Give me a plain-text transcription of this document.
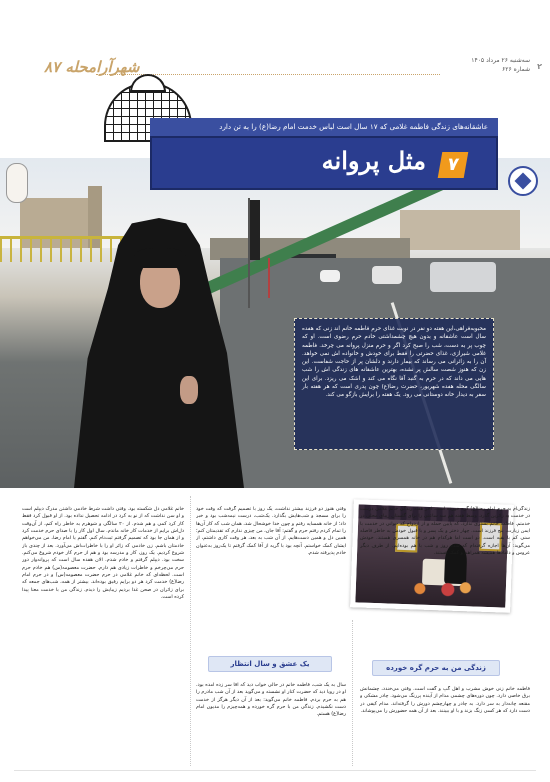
شهرآرامحله ۸۷	سه‌شنبه ۲۶ مرداد ۱۴۰۵
شماره ۶۲۶ ۲
عاشقانه‌های زندگی فاطمه غلامی که ۱۷ سال است لباس خدمت امام رضا(ع) را به تن دارد
مثل پروانه	۷
محبوبه‌فراهی،این هفته دو نفر در نوبت غذای حرم فاطمه خانم اند زنی که هفده سال است عاشقانه و بدون هیچ چشمداشتی خادم حرم رضوی است. او که چوب پر به دست، شب را صبح کرد اگر و حرم منزل پروانه می چرخد. فاطمه غلامی شیرازی، غذای حضرتی را فقط برای خودش و خانواده اش نمی خواهد. آن را به زائرانی می رساند که بیمار دارند و دلشان پر از حاجت شفاست. این زن که هنوز شصت سالش پر نشده، بهترین عاشقانه های زندگی اش را شب هایی می داند که در حرم به گنبد آقا نگاه می کند و اشک می ریزد. برای این سالگی محله هفده شهریور، حضرت رضا(ع) چون پدری است که هر هفته بار سفر به دیدار خانه دوستانی می رود. یک هفته را برایش بازگو می کند.
زندگی‌ام به حرم امام رضا(ع) گره خورده است. آخر هفته زندگی خانم غلامی درست در خدمت به زائرین گذرد. وسط هفته هم سه ساعتی را برای گلستان زیبای محلی در خدمتم. فاطمه خانم بستری ندارد. که پایین حمله و از ازدواج که جوانی در خدمت با ایمن زیارت. پنج فرزند است. چهار دختر و یک پسر و با قبول خودش به خاطر فاصله سنی کم با بقیه است. دو است اما هرکدام هم در خانه همسری هستند. خودش می‌گوید: آن‌ها اجازه گرفته‌ام که شده روز و شب با هم بوده‌ایم. از طرف دیگر عروس و دامادها همیشه همراهم و کمک هستند.
وقتی هنوز دو فرزند بیشتر نداشت، یک روز با تصمیم گرفت که وقت خود را برای مسجد و شب‌هایش بگذارد. یک‌شب، درست نیمه‌شب بود و خبر داد؛ از خانه همسایه رفتم و چون خدا خوشحال شد، همان شب که کار آن‌ها را تمام کردم رفتم حرم و گفتم: آقا جان، من چیزی ندارم که تقدیمتان کنم؛ همین دل و همین دست‌هایم. از آن شب به بعد، هر وقت کاری داشتم، از ایشان کمک خواستم. آنچه بود با گریه از آقا کمک گرفتم تا یک‌روز به‌عنوان خادم پذیرفته شدم.
خانم غلامی دل شکسته بود. وقتی داشت شرط خادمی داشتن مدرک دیپلم است و او سن نداشت که از نو به کرد در ادامه تحصیل نداده بود. از او قبول کرد فقط کار کرد کمی و هم شدم. از ۲۰ سالگی و شوهرم به خاطر راه کنم، از آن‌وقت دل‌اش برایم از خدمات کار خانه ماندم. سال اول کار را با صدای حرم خدمت کرد و از همان جا بود که تصمیم گرفتم ثبت‌نام کنم. گفتم یا امام رضا، من می‌خواهم خادمتان باشم. زن خادمی که زائر او را با خاطرات‌اش می‌آورد. بعد از چندی باز شروع کردیم. یک روز، کار و مدرسه بود و هم از حرم کار خودم شروع می‌کنم. سخت بود. دیپلم گرفتم و خادم شدم. الان هفده سال است که پروانه‌وار دور حرم می‌چرخم و خاطرات زیادی هم دارم. حضرت معصومه(س) هم خادم حرم است. لحظه‌ای که خانم غلامی در حرم حضرت معصومه(س) و در حرم امام رضا(ع) خدمت کرد هر دو برایم رفیق بوده‌اند. بیشتر از همه، شب‌های جمعه که برای زائران در صحن غذا بردیم زیبایش را دیدم. زندگی من با خدمت معنا پیدا کرده است.
یک عشق و سال انتظار
سال به یک شب، فاطمه خانم در حالی خواب دید که آقا سر زده آمده بود. او در رویا دید که حضرت کنار او نشسته و می‌گوید بعد از آن شب مادرم را هم به حرم بردم. فاطمه خانم می‌گوید: بعد از آن دیگر هرگز از خدمت دست نکشیدم. زندگی من با حرم گره خورده و همه‌چیزم را مدیون امام رضا(ع) هستم.
زندگی من به حرم گره خورده
فاطمه خانم زنی خوش مشرب و اهل گپ و گفت است. وقتی می‌خندد، چشمانش برق خاصی دارد. چون دوره‌های چشمی مدام از آینده پررنگ می‌شود. چادر مشکی و مقنعه چانه‌دار به سر دارد. به چادر و چهارچشم دورش را گرفته‌اند. مدام کیفی در دست دارد که هر کسی زنگ بزند و با او ببینند. بعد از آن همه حضورش را می‌پوشاند.
